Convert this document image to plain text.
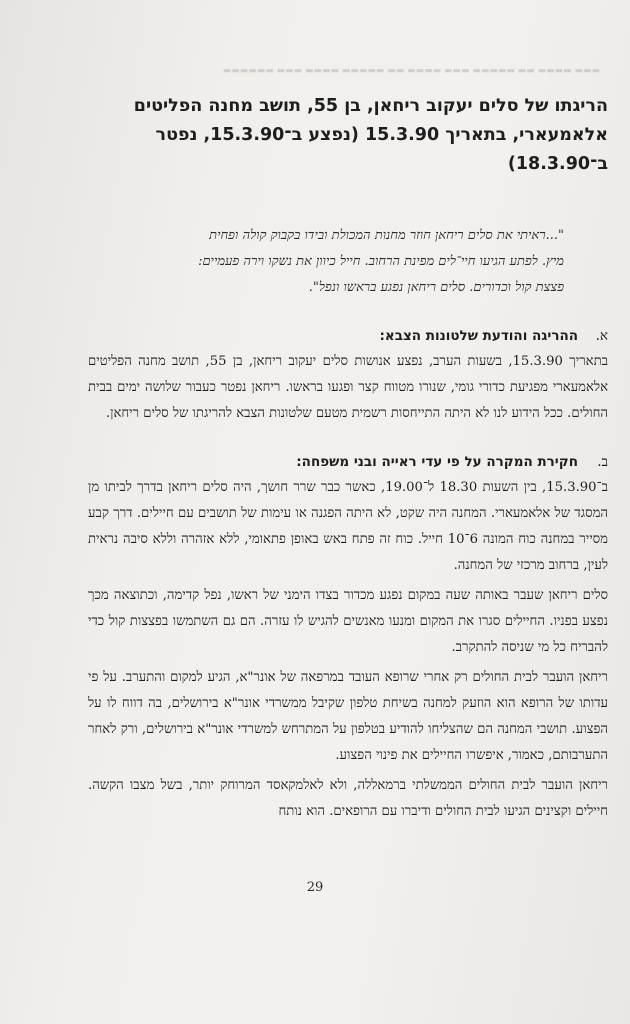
▬▬▬ ▬▬▬▬ ▬▬ ▬▬▬▬▬ ▬▬▬ ▬▬▬▬ ▬▬ ▬▬▬▬▬ ▬▬▬▬ ▬▬▬ ▬▬▬▬▬▬
הריגתו של סלים יעקוב ריחאן, בן 55, תושב מחנה הפליטים אלאמעארי, בתאריך 15.3.90 (נפצע ב־15.3.90, נפטר ב־18.3.90)

"...ראיתי את סלים ריחאן חוזר מחנות המכולת ובידו בקבוק קולה ופחית מיץ. לפתע הגיעו חיי־לים מפינת הרחוב. חייל כיוון את נשקו וירה פעמיים: פצצת קול וכדורים. סלים ריחאן נפגע בראשו ונפל".

א.ההריגה והודעת שלטונות הצבא:

בתאריך 15.3.90, בשעות הערב, נפצע אנושות סלים יעקוב ריחאן, בן 55, תושב מחנה הפליטים אלאמעארי מפגיעת כדורי גומי, שנורו מטווח קצר ופגעו בראשו. ריחאן נפטר כעבור שלושה ימים בבית החולים. ככל הידוע לנו לא היתה התייחסות רשמית מטעם שלטונות הצבא להריגתו של סלים ריחאן.

ב.חקירת המקרה על פי עדי ראייה ובני משפחה:

ב־15.3.90, בין השעות 18.30 ל־19.00, כאשר כבר שרר חושך, היה סלים ריחאן בדרך לביתו מן המסגד של אלאמעארי. המחנה היה שקט, לא היתה הפגנה או עימות של תושבים עם חיילים. דרך קבע מסייר במחנה כוח המונה 6־10 חייל. כוח זה פתח באש באופן פתאומי, ללא אזהרה וללא סיבה נראית לעין, ברחוב מרכזי של המחנה.

סלים ריחאן שעבר באותה שעה במקום נפגע מכדור בצדו הימני של ראשו, נפל קדימה, וכתוצאה מכך נפצע בפניו. החיילים סגרו את המקום ומנעו מאנשים להגיש לו עזרה. הם גם השתמשו בפצצות קול כדי להבריח כל מי שניסה להתקרב.

ריחאן הועבר לבית החולים רק אחרי שרופא העובד במרפאה של אונר"א, הגיע למקום והתערב. על פי עדותו של הרופא הוא הוזעק למחנה בשיחת טלפון שקיבל ממשרדי אונר"א בירושלים, בה דווח לו על הפצוע. תושבי המחנה הם שהצליחו להודיע בטלפון על המתרחש למשרדי אונר"א בירושלים, ורק לאחר התערבותם, כאמור, איפשרו החיילים את פינוי הפצוע.

ריחאן הועבר לבית החולים הממשלתי ברמאללה, ולא לאלמקאסד המרוחק יותר, בשל מצבו הקשה. חיילים וקצינים הגיעו לבית החולים ודיברו עם הרופאים. הוא נותח

29
